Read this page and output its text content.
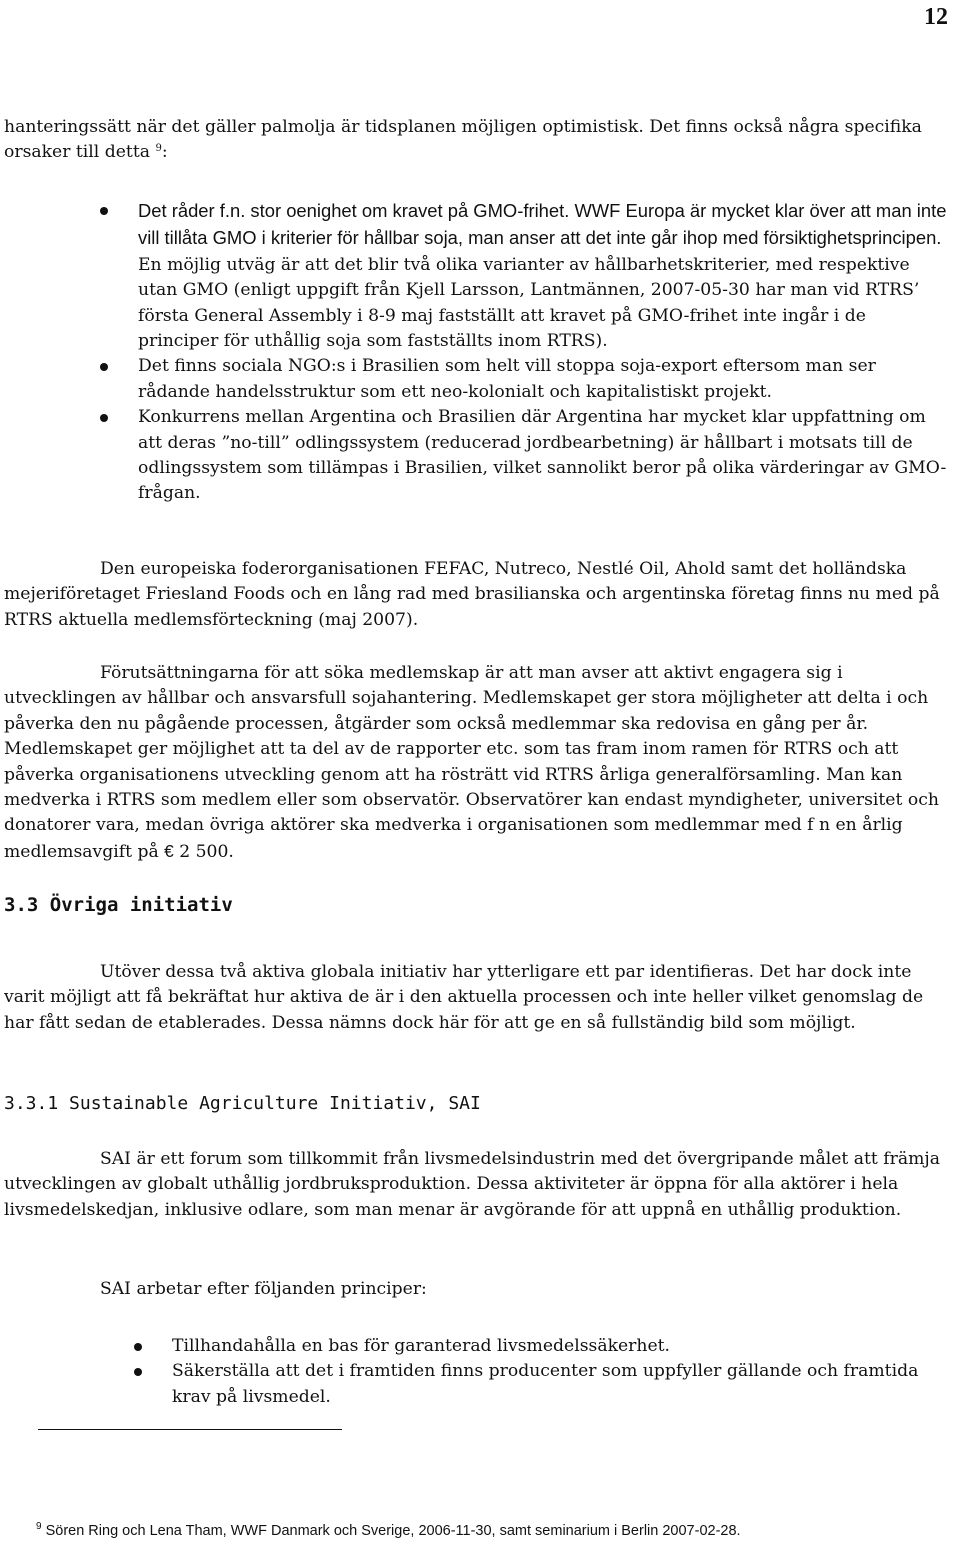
12

hanteringssätt när det gäller palmolja är tidsplanen möjligen optimistisk. Det finns också några specifika orsaker till detta $^9$:

Det råder f.n. stor oenighet om kravet på GMO-frihet. WWF Europa är mycket klar över att man inte vill tillåta GMO i kriterier för hållbar soja, man anser att det inte går ihop med försiktighetsprincipen. En möjlig utväg är att det blir två olika varianter av hållbarhetskriterier, med respektive utan GMO (enligt uppgift från Kjell Larsson, Lantmännen, 2007-05-30 har man vid RTRS’ första General Assembly i 8-9 maj fastställt att kravet på GMO-frihet inte ingår i de principer för uthållig soja som fastställts inom RTRS).
Det finns sociala NGO:s i Brasilien som helt vill stoppa soja-export eftersom man ser rådande handelsstruktur som ett neo-kolonialt och kapitalistiskt projekt.
Konkurrens mellan Argentina och Brasilien där Argentina har mycket klar uppfattning om att deras ”no-till” odlingssystem (reducerad jordbearbetning) är hållbart i motsats till de odlingssystem som tillämpas i Brasilien, vilket sannolikt beror på olika värderingar av GMO-frågan.

Den europeiska foderorganisationen FEFAC, Nutreco, Nestlé Oil, Ahold samt det holländska mejeriföretaget Friesland Foods och en lång rad med brasilianska och argentinska företag finns nu med på RTRS aktuella medlemsförteckning (maj 2007).

Förutsättningarna för att söka medlemskap är att man avser att aktivt engagera sig i utvecklingen av hållbar och ansvarsfull sojahantering. Medlemskapet ger stora möjligheter att delta i och påverka den nu pågående processen, åtgärder som också medlemmar ska redovisa en gång per år. Medlemskapet ger möjlighet att ta del av de rapporter etc. som tas fram inom ramen för RTRS och att påverka organisationens utveckling genom att ha rösträtt vid RTRS årliga generalförsamling. Man kan medverka i RTRS som medlem eller som observatör. Observatörer kan endast myndigheter, universitet och donatorer vara, medan övriga aktörer ska medverka i organisationen som medlemmar med f n en årlig medlemsavgift på € 2 500.

3.3 Övriga initiativ

Utöver dessa två aktiva globala initiativ har ytterligare ett par identifieras. Det har dock inte varit möjligt att få bekräftat hur aktiva de är i den aktuella processen och inte heller vilket genomslag de har fått sedan de etablerades. Dessa nämns dock här för att ge en så fullständig bild som möjligt.

3.3.1 Sustainable Agriculture Initiativ, SAI

SAI är ett forum som tillkommit från livsmedelsindustrin med det övergripande målet att främja utvecklingen av globalt uthållig jordbruksproduktion. Dessa aktiviteter är öppna för alla aktörer i hela livsmedelskedjan, inklusive odlare, som man menar är avgörande för att uppnå en uthållig produktion.

SAI arbetar efter följanden principer:

Tillhandahålla en bas för garanterad livsmedelssäkerhet.
Säkerställa att det i framtiden finns producenter som uppfyller gällande och framtida krav på livsmedel.
$^9$ Sören Ring och Lena Tham, WWF Danmark och Sverige, 2006-11-30, samt seminarium i Berlin 2007-02-28.
